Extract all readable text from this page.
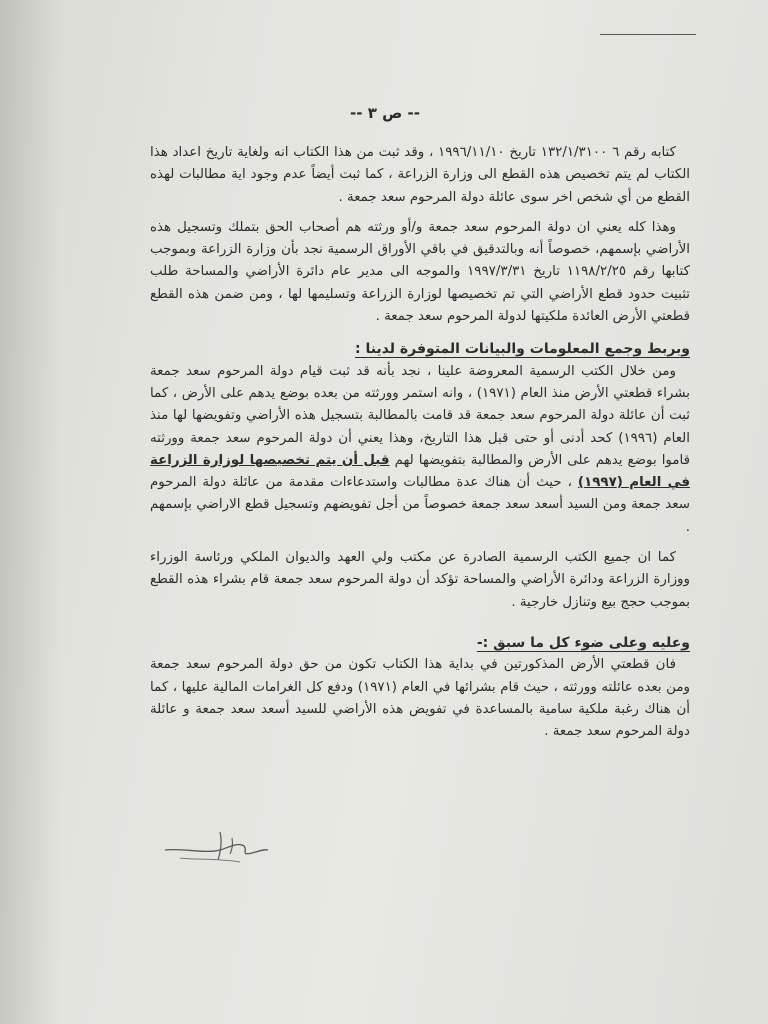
-- ص ٣ --

كتابه رقم ٦ ١٣٢/١/٣١٠٠ تاريخ ١٩٩٦/١١/١٠ ، وقد ثبت من هذا الكتاب انه ولغاية تاريخ اعداد هذا الكتاب لم يتم تخصيص هذه القطع الى وزارة الزراعة ، كما ثبت أيضاً عدم وجود اية مطالبات لهذه القطع من أي شخص اخر سوى عائلة دولة المرحوم سعد جمعة .

وهذا كله يعني ان دولة المرحوم سعد جمعة و/أو ورثته هم أصحاب الحق بتملك وتسجيل هذه الأراضي بإسمهم، خصوصاً أنه وبالتدقيق في باقي الأوراق الرسمية نجد بأن وزارة الزراعة وبموجب كتابها رقم ١١٩٨/٢/٢٥ تاريخ ١٩٩٧/٣/٣١ والموجه الى مدير عام دائرة الأراضي والمساحة طلب تثبيت حدود قطع الأراضي التي تم تخصيصها لوزارة الزراعة وتسليمها لها ، ومن ضمن هذه القطع قطعتي الأرض العائدة ملكيتها لدولة المرحوم سعد جمعة .

وبربط وجمع المعلومات والبيانات المتوفرة لدينا :

ومن خلال الكتب الرسمية المعروضة علينا ، نجد بأنه قد ثبت قيام دولة المرحوم سعد جمعة بشراء قطعتي الأرض منذ العام (١٩٧١) ، وانه استمر وورثته من بعده بوضع يدهم على الأرض ، كما ثبت أن عائلة دولة المرحوم سعد جمعة قد قامت بالمطالبة بتسجيل هذه الأراضي وتفويضها لها منذ العام (١٩٩٦) كحد أدنى أو حتى قبل هذا التاريخ، وهذا يعني أن دولة المرحوم سعد جمعة وورثته قاموا بوضع يدهم على الأرض والمطالبة بتفويضها لهم قبل أن يتم تخصيصها لوزارة الزراعة في العام (١٩٩٧) ، حيث أن هناك عدة مطالبات واستدعاءات مقدمة من عائلة دولة المرحوم سعد جمعة ومن السيد أسعد سعد جمعة خصوصاً من أجل تفويضهم وتسجيل قطع الاراضي بإسمهم .

كما ان جميع الكتب الرسمية الصادرة عن مكتب ولي العهد والديوان الملكي ورئاسة الوزراء ووزارة الزراعة ودائرة الأراضي والمساحة تؤكد أن دولة المرحوم سعد جمعة قام بشراء هذه القطع بموجب حجج بيع وتنازل خارجية .

وعليه وعلى ضوء كل ما سبق :-

فان قطعتي الأرض المذكورتين في بداية هذا الكتاب تكون من حق دولة المرحوم سعد جمعة ومن بعده عائلته وورثته ، حيث قام بشرائها في العام (١٩٧١) ودفع كل الغرامات المالية عليها ، كما أن هناك رغبة ملكية سامية بالمساعدة في تفويض هذه الأراضي للسيد أسعد سعد جمعة و عائلة دولة المرحوم سعد جمعة .
